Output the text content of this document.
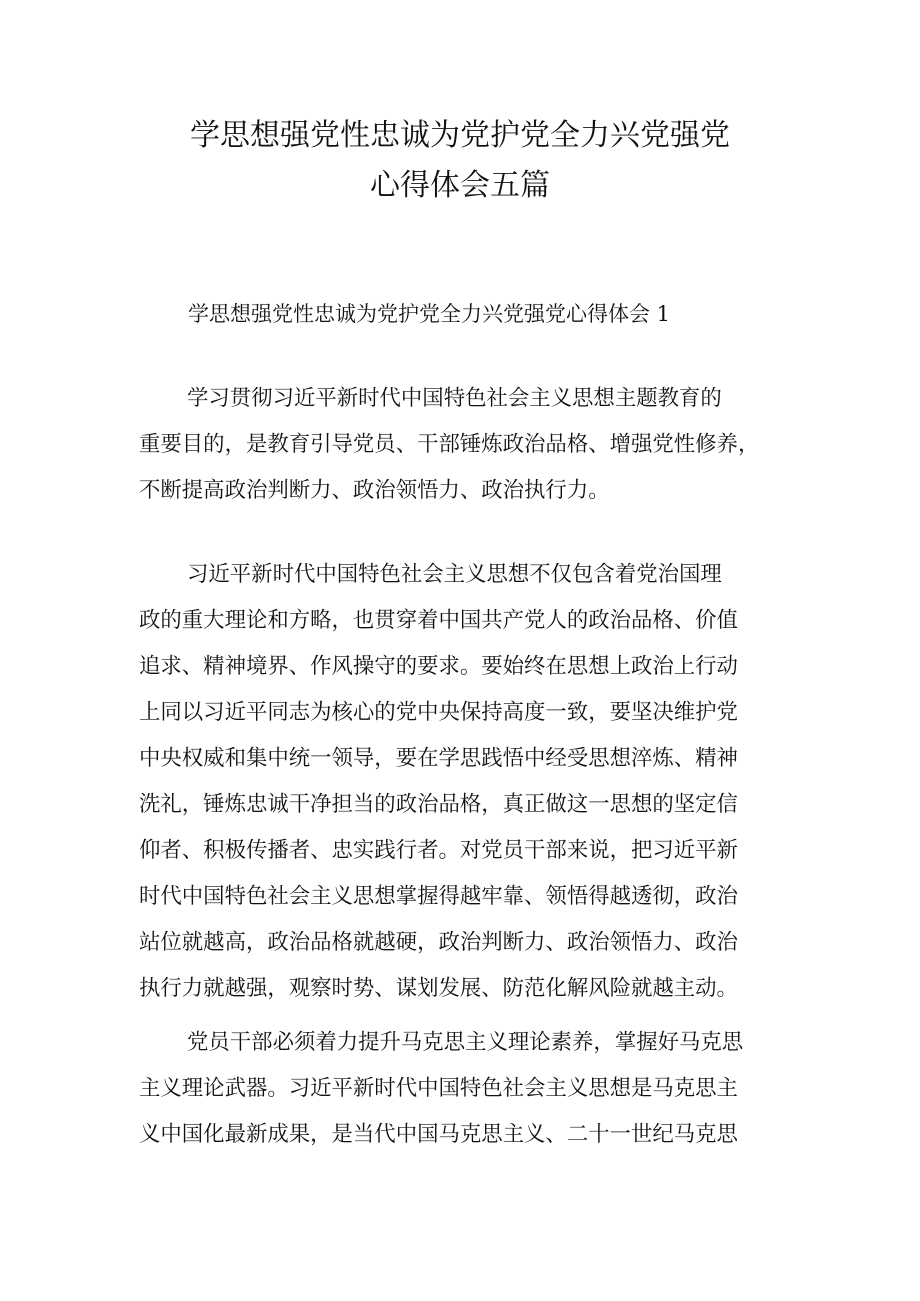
学思想强党性忠诚为党护党全力兴党强党
心得体会五篇

学思想强党性忠诚为党护党全力兴党强党心得体会 1

学习贯彻习近平新时代中国特色社会主义思想主题教育的
重要目的，是教育引导党员、干部锤炼政治品格、增强党性修养，
不断提高政治判断力、政治领悟力、政治执行力。
习近平新时代中国特色社会主义思想不仅包含着党治国理
政的重大理论和方略，也贯穿着中国共产党人的政治品格、价值
追求、精神境界、作风操守的要求。要始终在思想上政治上行动
上同以习近平同志为核心的党中央保持高度一致，要坚决维护党
中央权威和集中统一领导，要在学思践悟中经受思想淬炼、精神
洗礼，锤炼忠诚干净担当的政治品格，真正做这一思想的坚定信
仰者、积极传播者、忠实践行者。对党员干部来说，把习近平新
时代中国特色社会主义思想掌握得越牢靠、领悟得越透彻，政治
站位就越高，政治品格就越硬，政治判断力、政治领悟力、政治
执行力就越强，观察时势、谋划发展、防范化解风险就越主动。
党员干部必须着力提升马克思主义理论素养，掌握好马克思
主义理论武器。习近平新时代中国特色社会主义思想是马克思主
义中国化最新成果，是当代中国马克思主义、二十一世纪马克思
